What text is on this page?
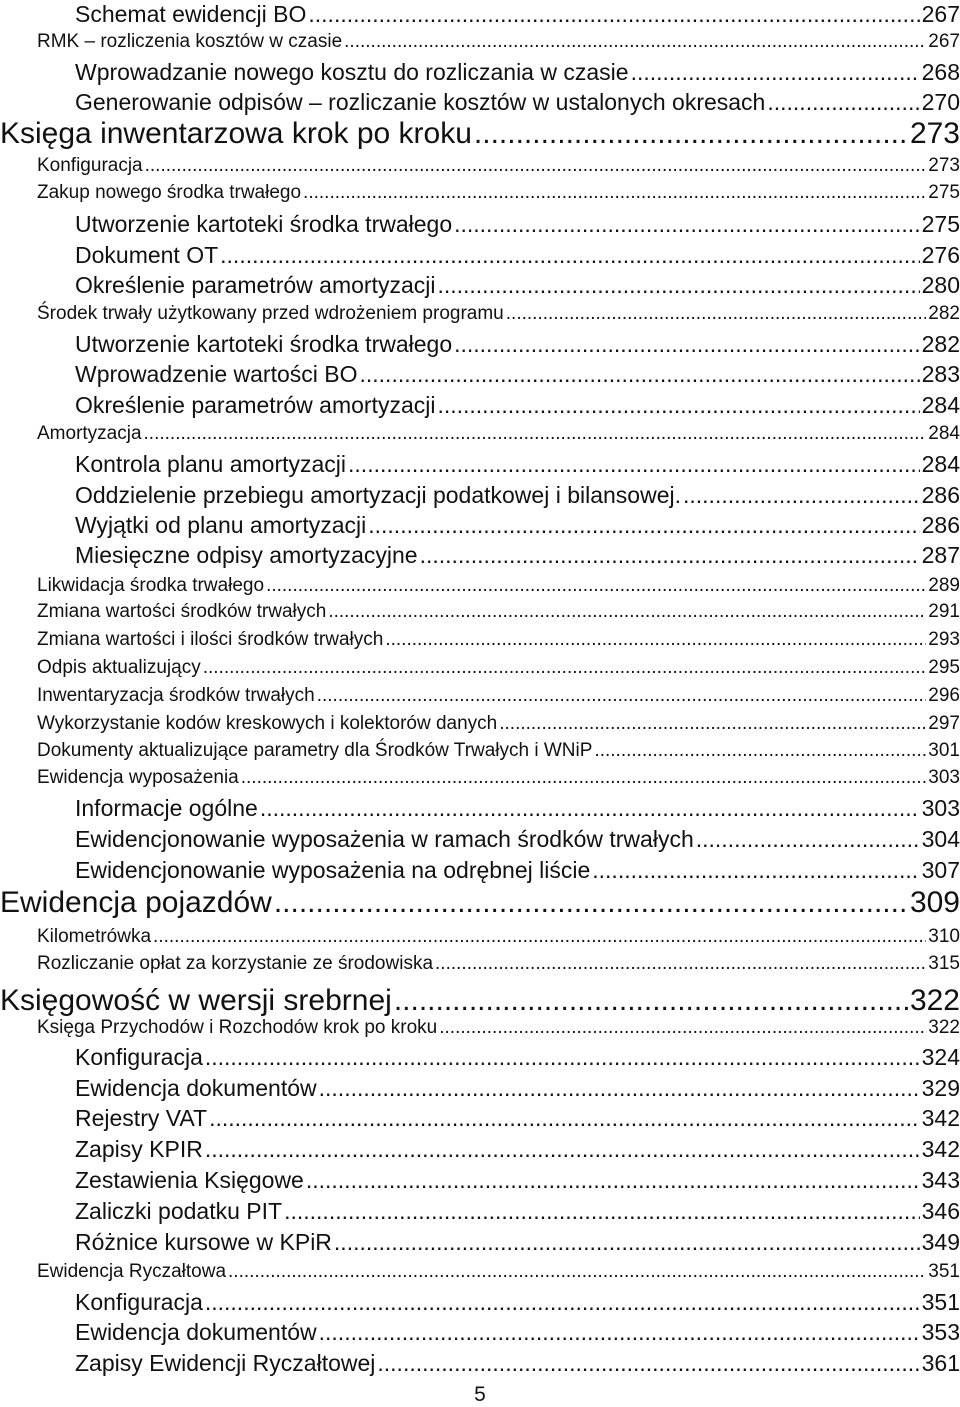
Schemat ewidencji BO .....	267
RMK – rozliczenia kosztów w czasie .....	267
Wprowadzanie nowego kosztu do rozliczania w czasie .....	268
Generowanie odpisów – rozliczanie kosztów w ustalonych okresach .....	270
Księga inwentarzowa krok po kroku .....	273
Konfiguracja .....	273
Zakup nowego środka trwałego .....	275
Utworzenie kartoteki środka trwałego .....	275
Dokument OT .....	276
Określenie parametrów amortyzacji .....	280
Środek trwały użytkowany przed wdrożeniem programu .....	282
Utworzenie kartoteki środka trwałego .....	282
Wprowadzenie wartości BO .....	283
Określenie parametrów amortyzacji .....	284
Amortyzacja .....	284
Kontrola planu amortyzacji .....	284
Oddzielenie przebiegu amortyzacji podatkowej i bilansowej. .....	286
Wyjątki od planu amortyzacji .....	286
Miesięczne odpisy amortyzacyjne .....	287
Likwidacja środka trwałego .....	289
Zmiana wartości środków trwałych .....	291
Zmiana wartości i ilości środków trwałych .....	293
Odpis aktualizujący .....	295
Inwentaryzacja środków trwałych .....	296
Wykorzystanie kodów kreskowych i kolektorów danych .....	297
Dokumenty aktualizujące parametry dla Środków Trwałych i WNiP .....	301
Ewidencja wyposażenia .....	303
Informacje ogólne .....	303
Ewidencjonowanie wyposażenia w ramach środków trwałych .....	304
Ewidencjonowanie wyposażenia na odrębnej liście .....	307
Ewidencja pojazdów .....	309
Kilometrówka .....	310
Rozliczanie opłat za korzystanie ze środowiska .....	315
Księgowość w wersji srebrnej .....	322
Księga Przychodów i Rozchodów krok po kroku .....	322
Konfiguracja .....	324
Ewidencja dokumentów .....	329
Rejestry VAT .....	342
Zapisy KPIR .....	342
Zestawienia Księgowe .....	343
Zaliczki podatku PIT .....	346
Różnice kursowe w KPiR .....	349
Ewidencja Ryczałtowa .....	351
Konfiguracja .....	351
Ewidencja dokumentów .....	353
Zapisy Ewidencji Ryczałtowej .....	361
5
